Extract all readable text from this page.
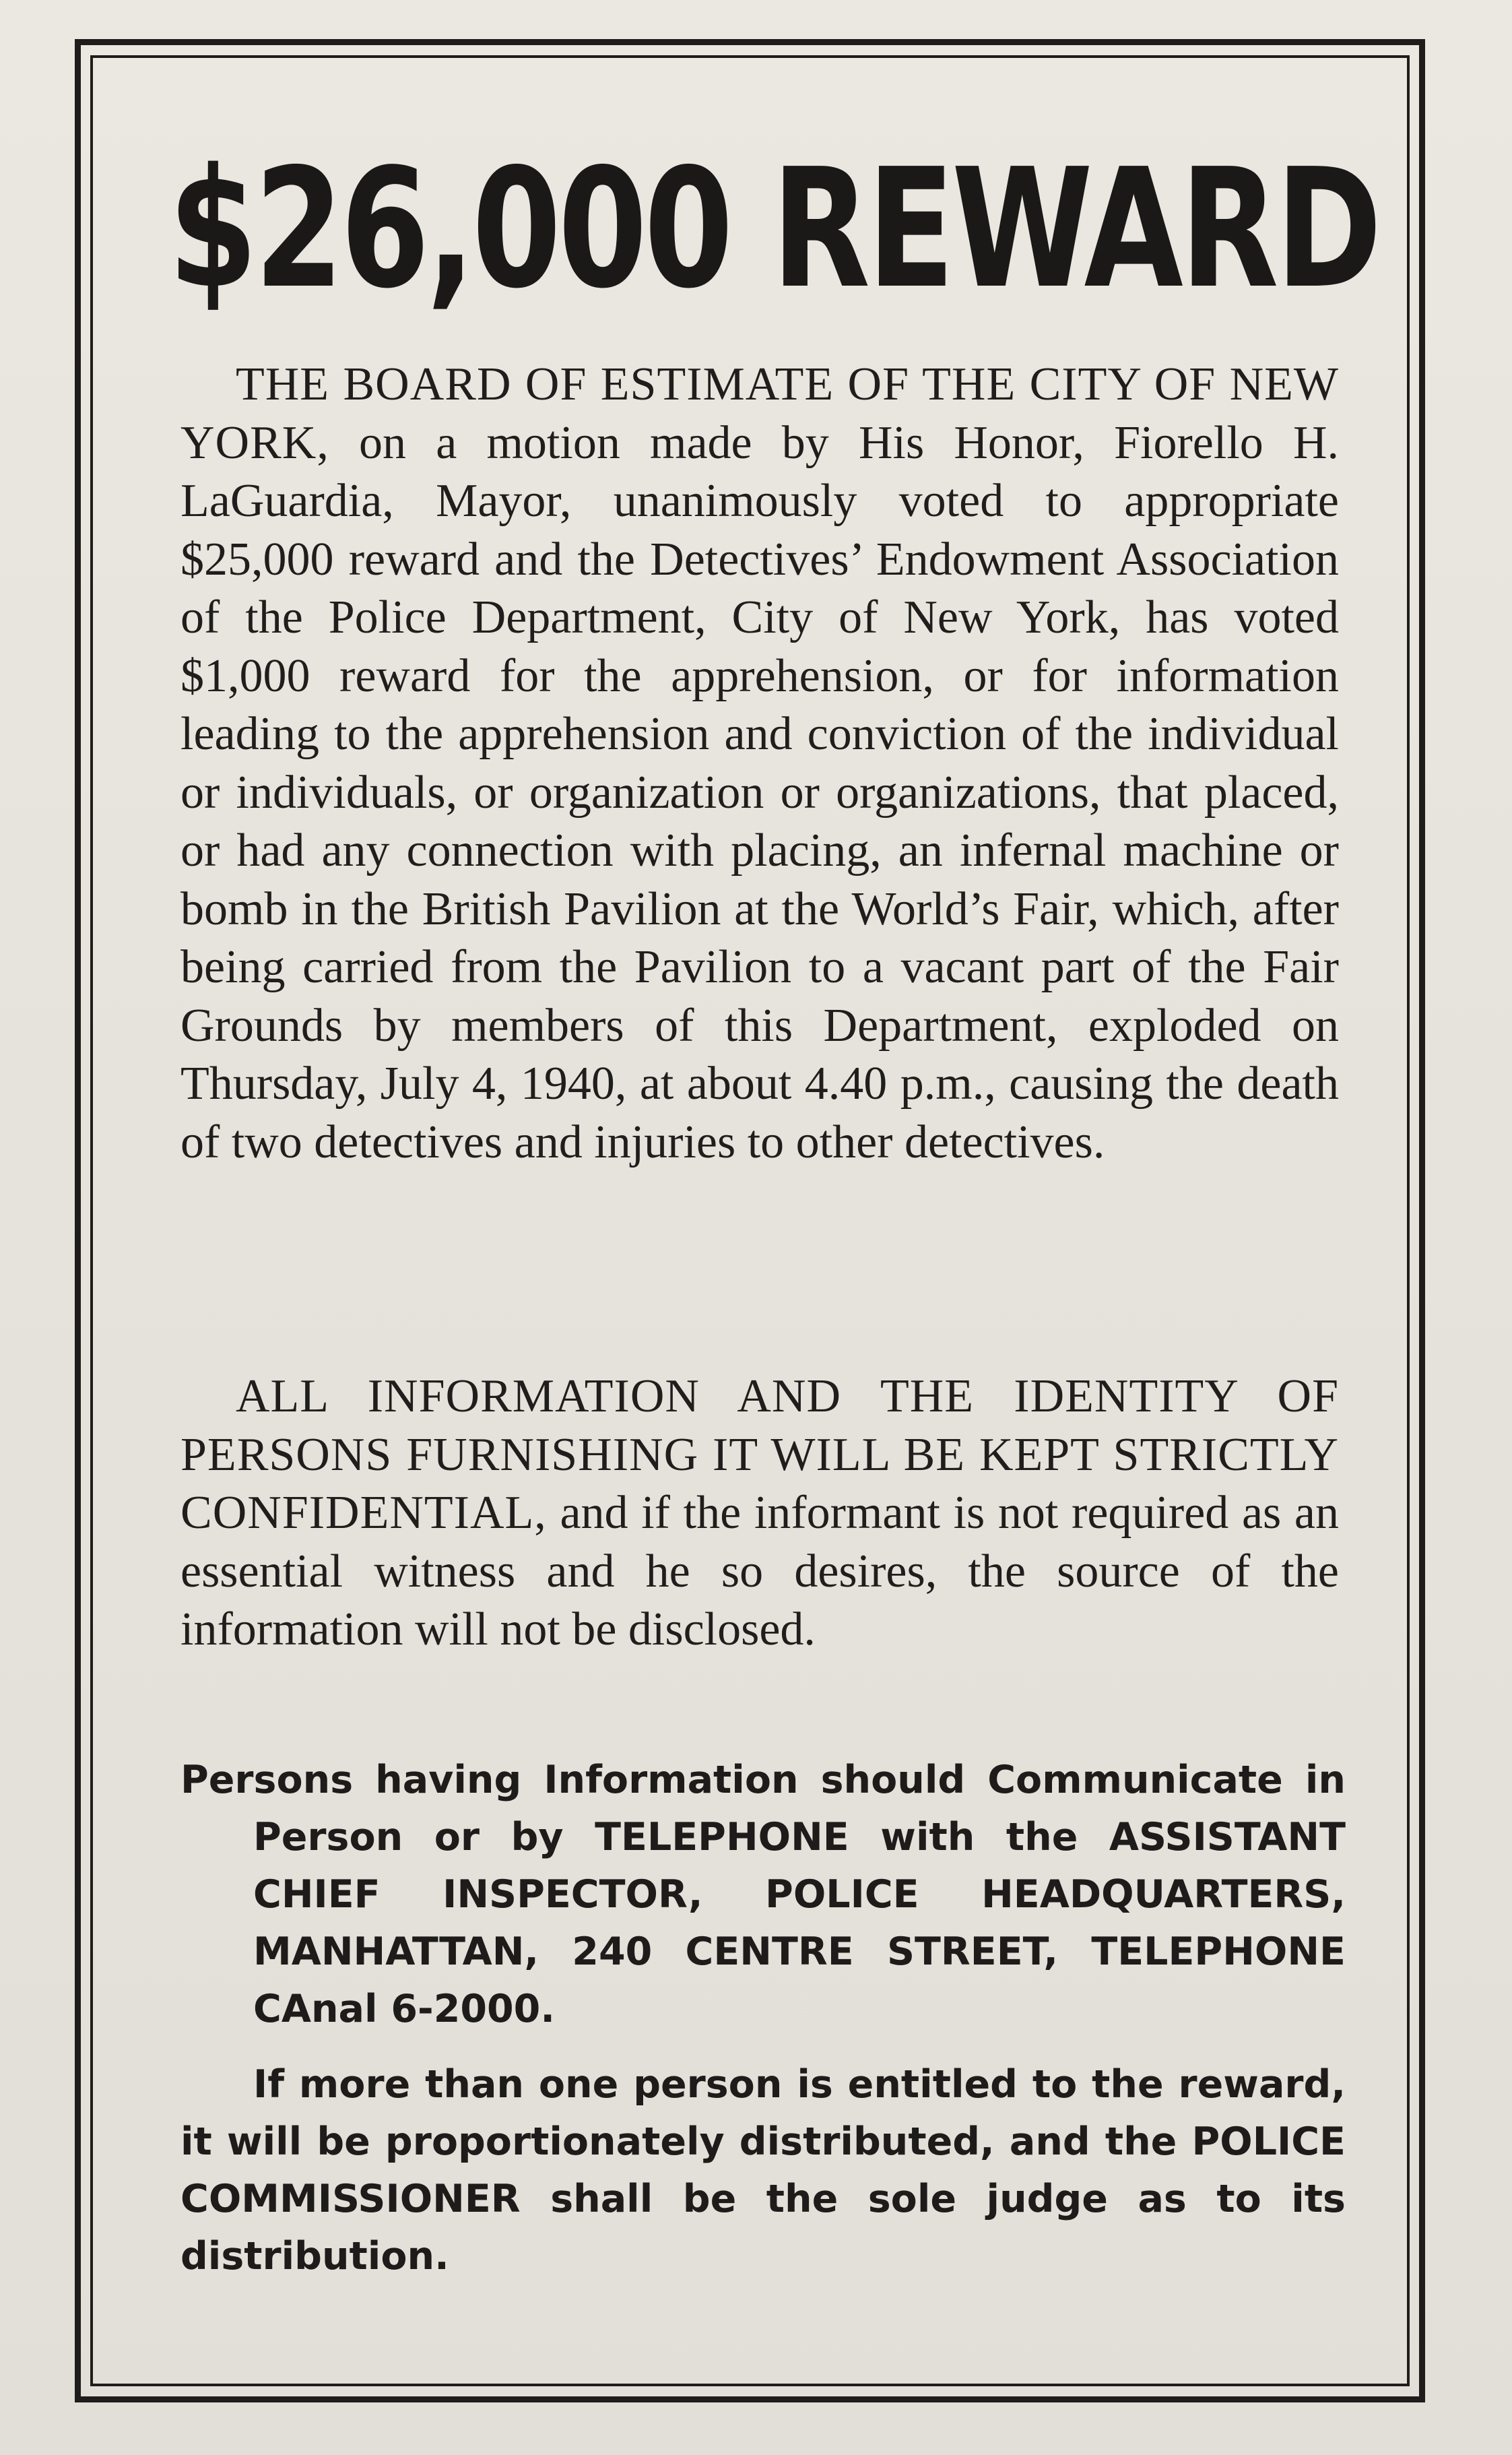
$26,000 REWARD

THE BOARD OF ESTIMATE OF THE CITY OF NEW YORK, on a motion made by His Honor, Fiorello H. LaGuardia, Mayor, unanimously voted to appropriate $25,000 reward and the Detectives’ Endowment Association of the Police Department, City of New York, has voted $1,000 reward for the apprehension, or for information leading to the apprehension and conviction of the individual or individuals, or organization or organizations, that placed, or had any connection with placing, an infernal machine or bomb in the British Pavilion at the World’s Fair, which, after being carried from the Pavilion to a vacant part of the Fair Grounds by members of this Department, exploded on Thursday, July 4, 1940, at about 4.40 p.m., causing the death of two detectives and injuries to other detectives.

ALL INFORMATION AND THE IDENTITY OF PERSONS FURNISHING IT WILL BE KEPT STRICTLY CONFIDENTIAL, and if the informant is not required as an essential witness and he so desires, the source of the information will not be disclosed.

Persons having Information should Communicate in Person or by TELEPHONE with the ASSISTANT CHIEF INSPECTOR, POLICE HEADQUARTERS, MANHATTAN, 240 CENTRE STREET, TELEPHONE CAnal 6-2000.

If more than one person is entitled to the reward, it will be proportionately distributed, and the POLICE COMMISSIONER shall be the sole judge as to its distribution.
